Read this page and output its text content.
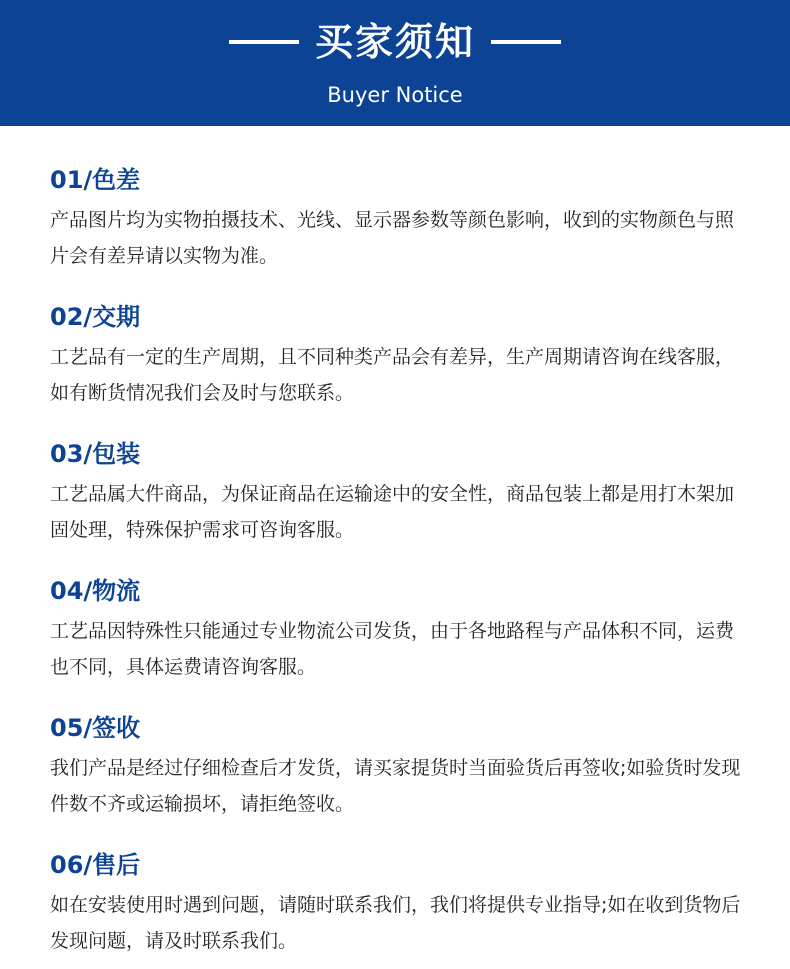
买家须知
Buyer Notice
01/色差
产品图片均为实物拍摄技术、光线、显示器参数等颜色影响，收到的实物颜色与照片会有差异请以实物为准。
02/交期
工艺品有一定的生产周期，且不同种类产品会有差异，生产周期请咨询在线客服，如有断货情况我们会及时与您联系。
03/包装
工艺品属大件商品，为保证商品在运输途中的安全性，商品包装上都是用打木架加固处理，特殊保护需求可咨询客服。
04/物流
工艺品因特殊性只能通过专业物流公司发货，由于各地路程与产品体积不同，运费也不同，具体运费请咨询客服。
05/签收
我们产品是经过仔细检查后才发货，请买家提货时当面验货后再签收;如验货时发现件数不齐或运输损坏，请拒绝签收。
06/售后
如在安装使用时遇到问题，请随时联系我们，我们将提供专业指导;如在收到货物后发现问题，请及时联系我们。
